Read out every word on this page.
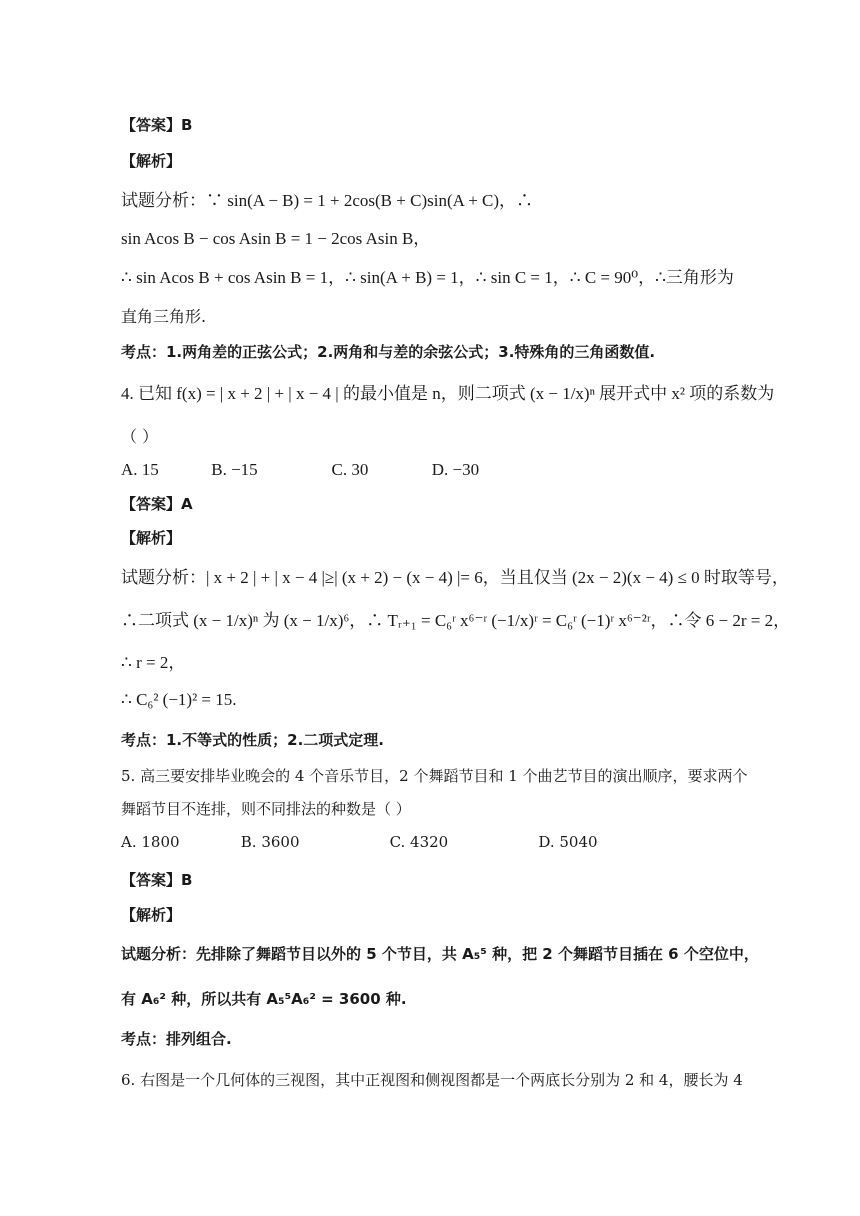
【答案】B
【解析】
试题分析：∵ sin(A − B) = 1 + 2cos(B + C)sin(A + C)，∴
sin Acos B − cos Asin B = 1 − 2cos Asin B，
∴ sin Acos B + cos Asin B = 1，∴ sin(A + B) = 1，∴ sin C = 1，∴ C = 90⁰，∴三角形为
直角三角形.
考点：1.两角差的正弦公式；2.两角和与差的余弦公式；3.特殊角的三角函数值.
4. 已知 f(x) = | x + 2 | + | x − 4 | 的最小值是 n，则二项式 (x − 1/x)ⁿ 展开式中 x² 项的系数为
（ ）
A. 15	B. −15	C. 30	D. −30
【答案】A
【解析】
试题分析：| x + 2 | + | x − 4 |≥| (x + 2) − (x − 4) |= 6，当且仅当 (2x − 2)(x − 4) ≤ 0 时取等号，
∴二项式 (x − 1/x)ⁿ 为 (x − 1/x)⁶，∴ Tᵣ₊₁ = C₆ʳ x⁶⁻ʳ (−1/x)ʳ = C₆ʳ (−1)ʳ x⁶⁻²ʳ，∴令 6 − 2r = 2，
∴ r = 2，
∴ C₆² (−1)² = 15.
考点：1.不等式的性质；2.二项式定理.
5. 高三要安排毕业晚会的 4 个音乐节目，2 个舞蹈节目和 1 个曲艺节目的演出顺序，要求两个
舞蹈节目不连排，则不同排法的种数是（ ）
A. 1800	B. 3600	C. 4320	D. 5040
【答案】B
【解析】
试题分析：先排除了舞蹈节目以外的 5 个节目，共 A₅⁵ 种，把 2 个舞蹈节目插在 6 个空位中，
有 A₆² 种，所以共有 A₅⁵A₆² = 3600 种.
考点：排列组合.
6. 右图是一个几何体的三视图，其中正视图和侧视图都是一个两底长分别为 2 和 4，腰长为 4
